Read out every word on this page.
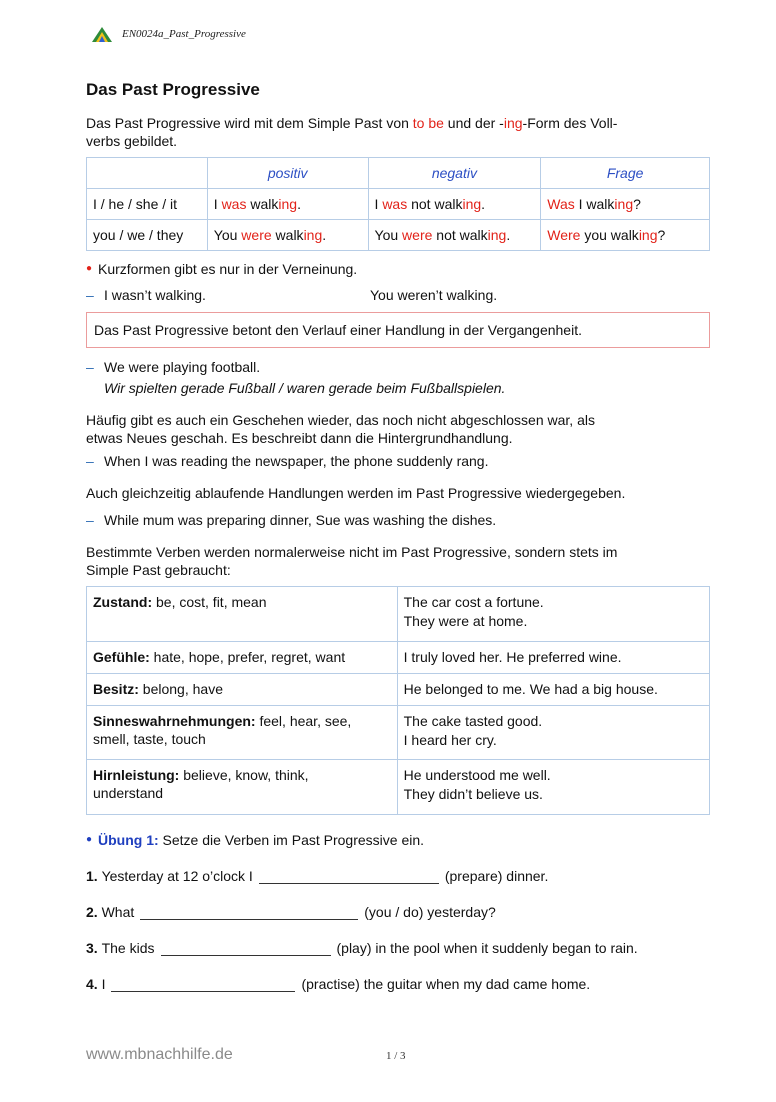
EN0024a_Past_Progressive
Das Past Progressive

Das Past Progressive wird mit dem Simple Past von to be und der -ing-Form des Voll-
verbs gebildet.

	positiv	negativ	Frage
I / he / she / it	I was walking.	I was not walking.	Was I walking?
you / we / they	You were walking.	You were not walking.	Were you walking?
● Kurzformen gibt es nur in der Verneinung.
– I wasn’t walking.	You weren’t walking.
Das Past Progressive betont den Verlauf einer Handlung in der Vergangenheit.
– We were playing football.
Wir spielten gerade Fußball / waren gerade beim Fußballspielen.

Häufig gibt es auch ein Geschehen wieder, das noch nicht abgeschlossen war, als
etwas Neues geschah. Es beschreibt dann die Hintergrundhandlung.

– When I was reading the newspaper, the phone suddenly rang.

Auch gleichzeitig ablaufende Handlungen werden im Past Progressive wiedergegeben.

– While mum was preparing dinner, Sue was washing the dishes.

Bestimmte Verben werden normalerweise nicht im Past Progressive, sondern stets im
Simple Past gebraucht:

Zustand: be, cost, fit, mean	The car cost a fortune.
They were at home.
Gefühle: hate, hope, prefer, regret, want	I truly loved her. He preferred wine.
Besitz: belong, have	He belonged to me. We had a big house.
Sinneswahrnehmungen: feel, hear, see,
smell, taste, touch	The cake tasted good.
I heard her cry.
Hirnleistung: believe, know, think,
understand	He understood me well.
They didn’t believe us.
● Übung 1: Setze die Verben im Past Progressive ein.
1.
Yesterday at 12 o’clock I	(prepare) dinner.
2.
What	(you / do) yesterday?
3.
The kids	(play) in the pool when it suddenly began to rain.
4.
I	(practise) the guitar when my dad came home.
www.mbnachhilfe.de	1 / 3
